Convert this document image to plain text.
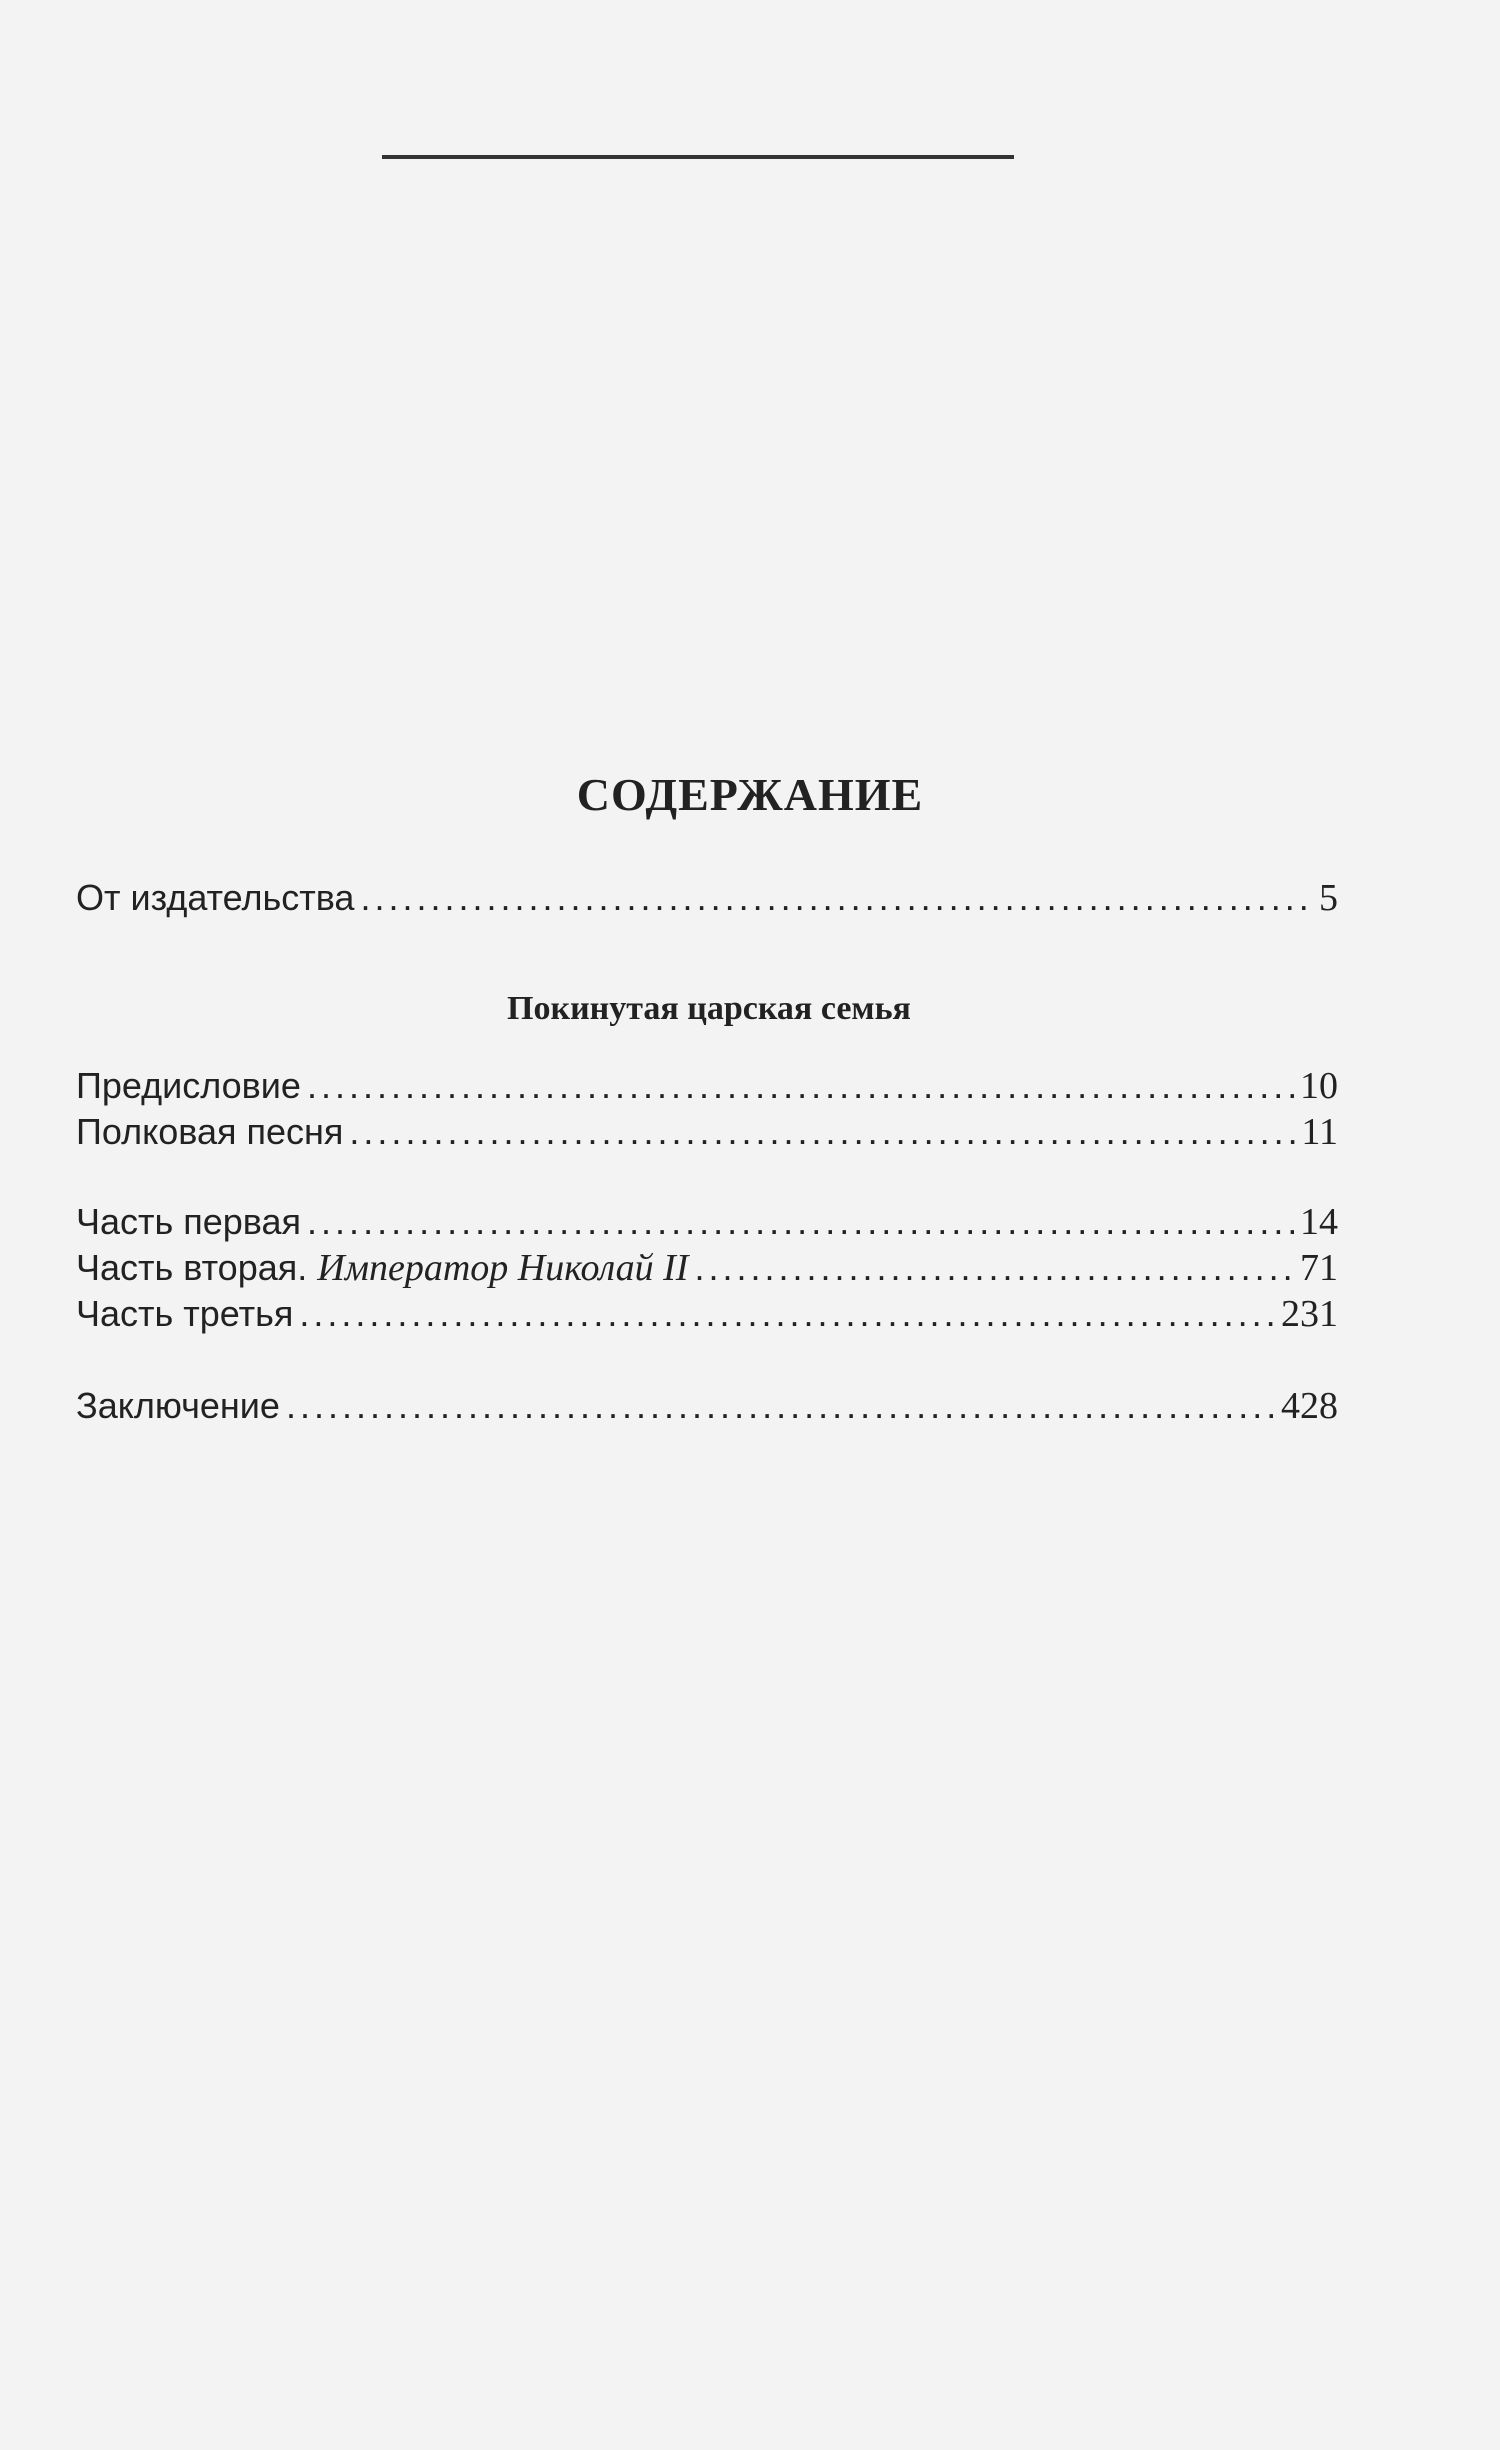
СОДЕРЖАНИЕ
От издательства . . .	5
Покинутая царская семья
Предисловие . . .	10
Полковая песня . . .	11
Часть первая . . .	14
Часть вторая. Император Николай II . . .	71
Часть третья . . .	231
Заключение . . .	428
